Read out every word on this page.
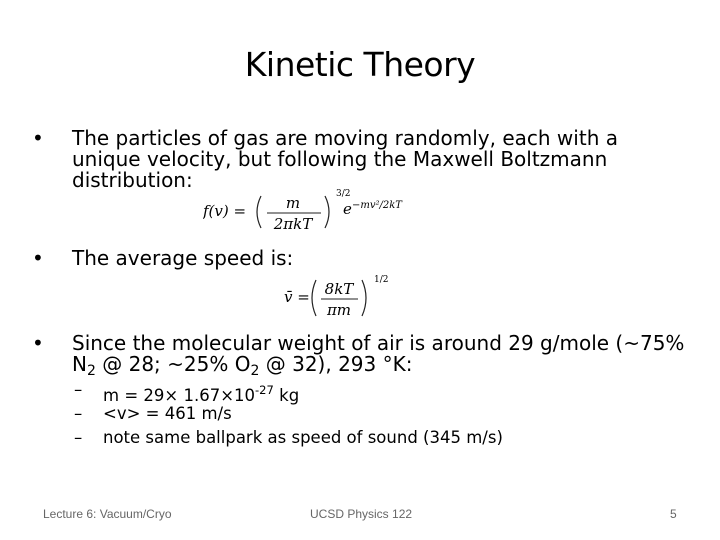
Kinetic Theory
• The particles of gas are moving randomly, each with a unique velocity, but following the Maxwell Boltzmann distribution:
f(v) =	m
2πkT
3/2
e −mv²/2kT
• The average speed is:
v̄ = 8kT
πm
1/2
• Since the molecular weight of air is around 29 g/mole (~75% $N_2$ @ 28; ~25% $O_2$ @ 32), 293 °K:
– $m = 29\times 1.67\times 10^{-27}$ kg
– <v> = 461 m/s
– note same ballpark as speed of sound (345 m/s)
Lecture 6: Vacuum/Cryo	UCSD Physics 122	5
